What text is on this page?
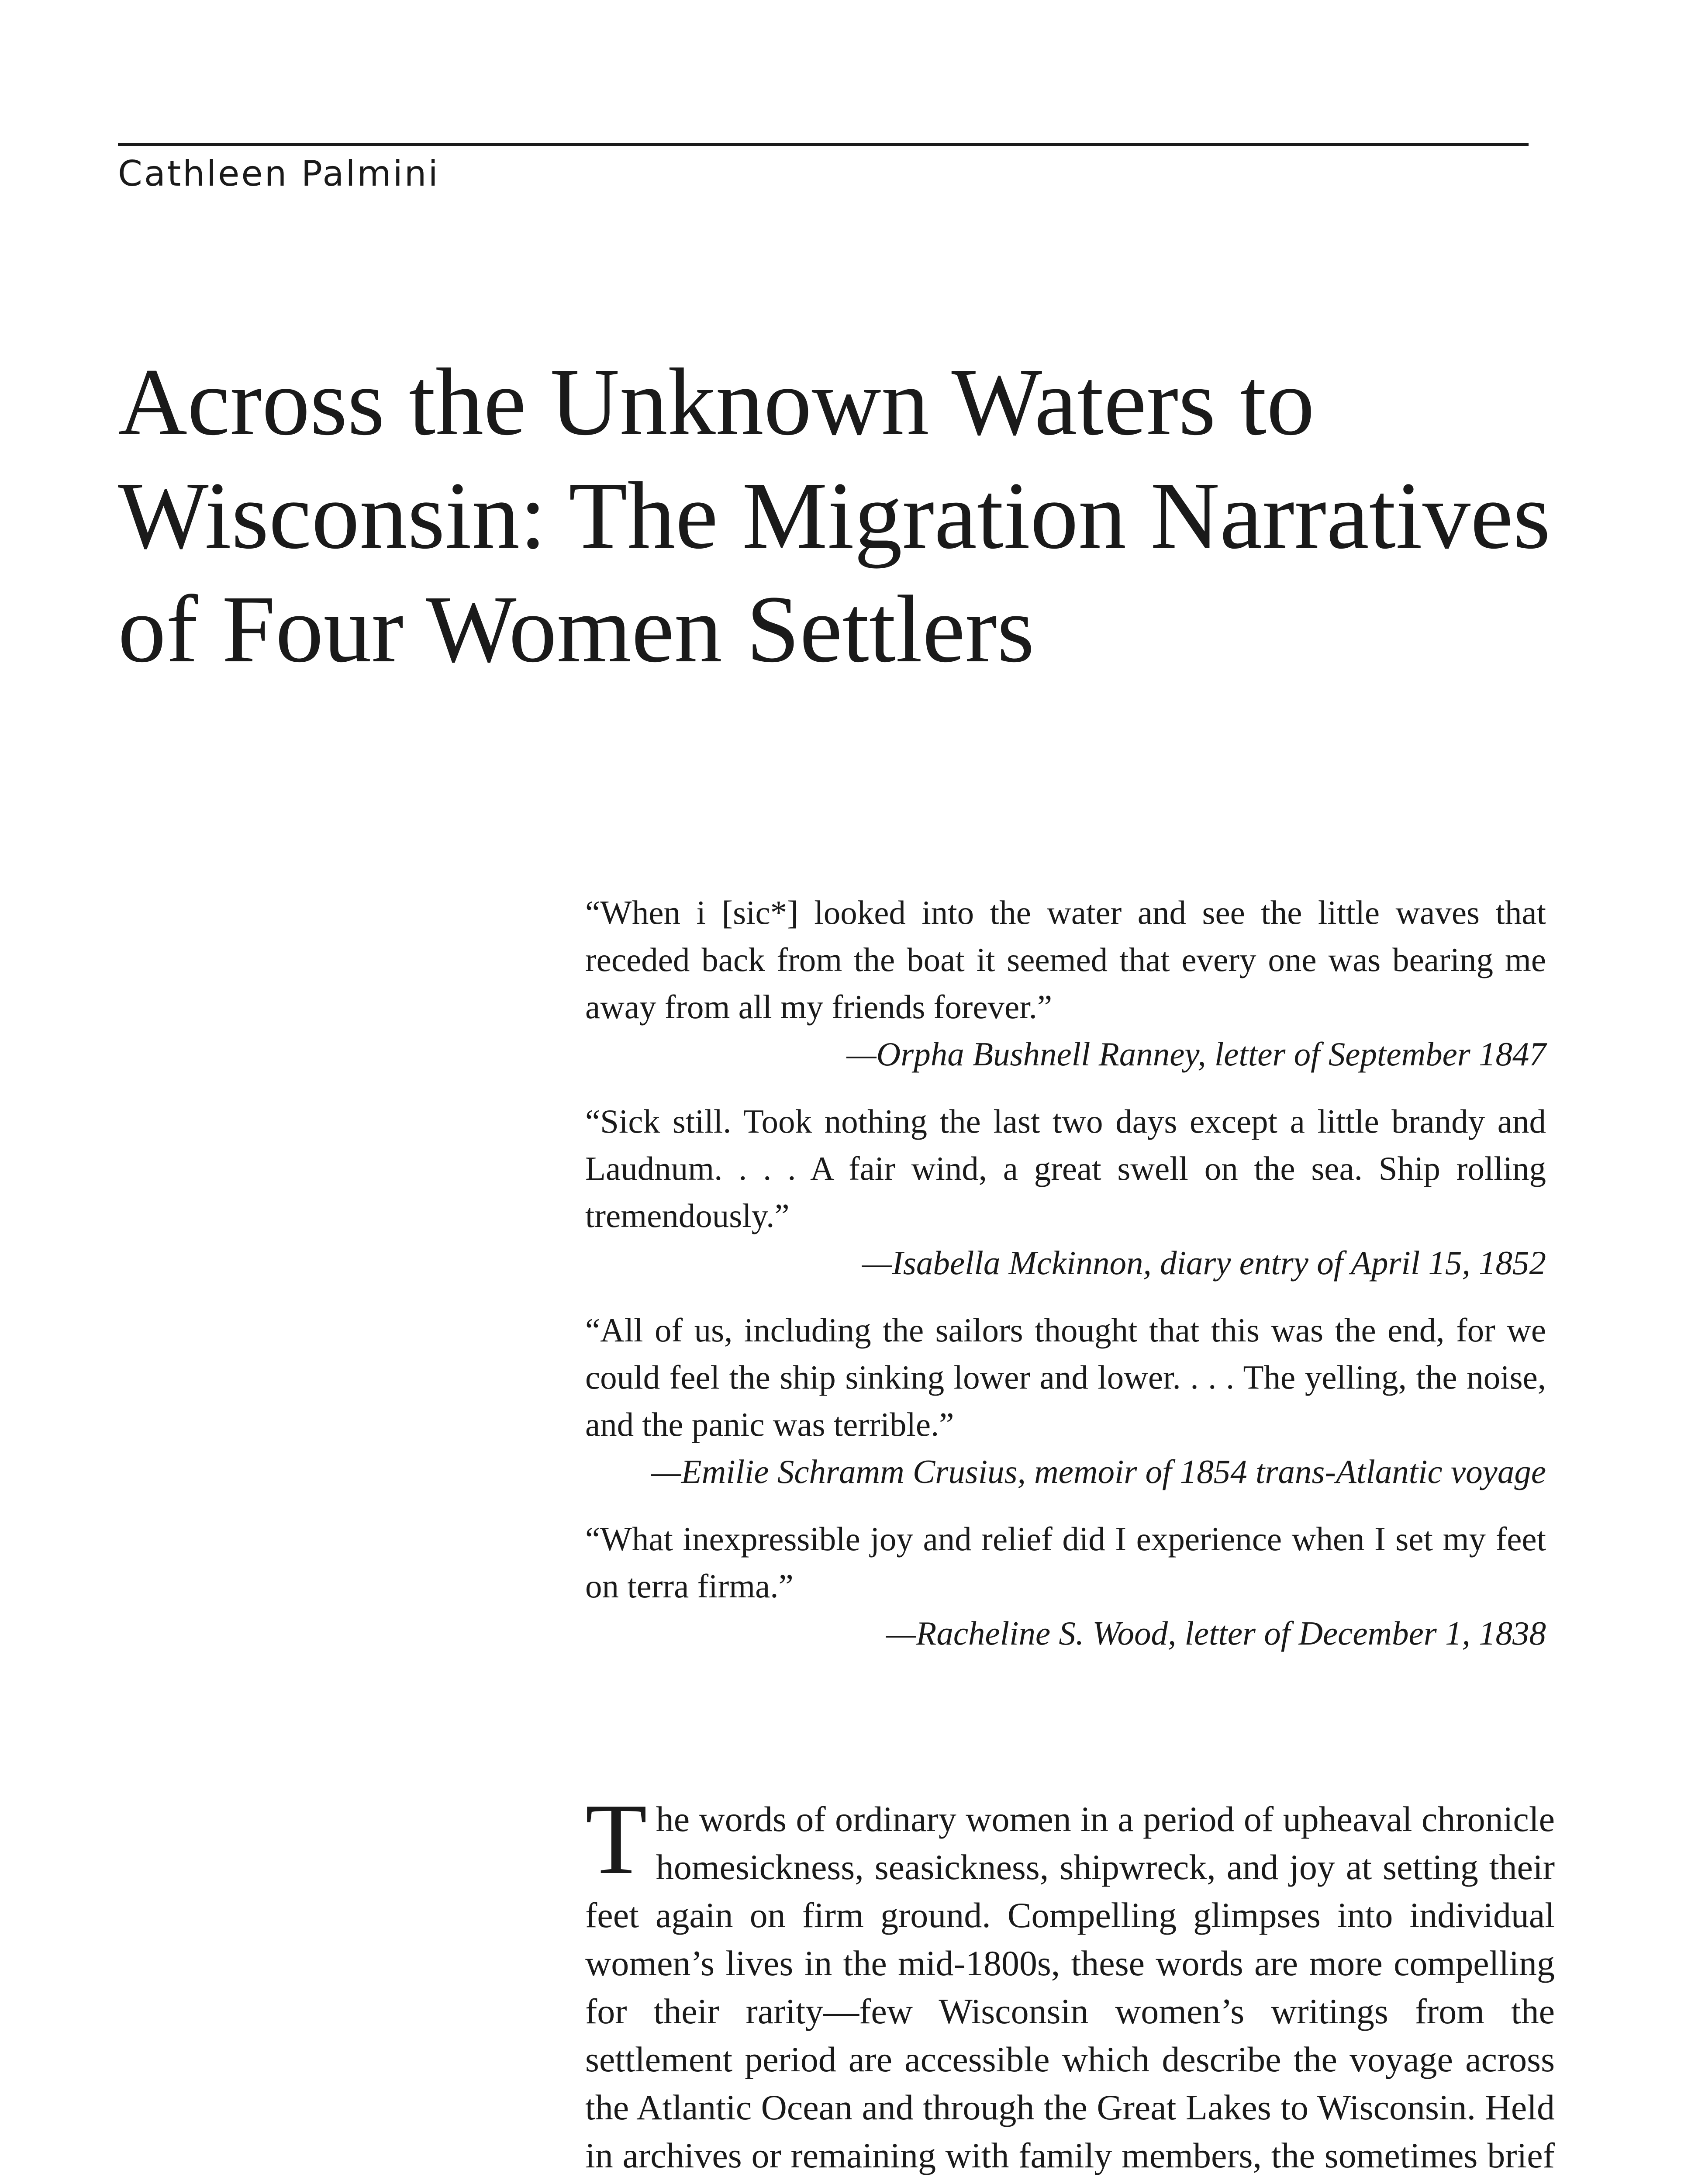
Cathleen Palmini
Across the Unknown Waters to
Wisconsin: The Migration Narratives
of Four Women Settlers

“When i [sic*] looked into the water and see the little waves that receded back from the boat it seemed that every one was bearing me away from all my friends forever.”

—Orpha Bushnell Ranney, letter of September 1847

“Sick still. Took nothing the last two days except a little brandy and Laudnum. . . . A fair wind, a great swell on the sea. Ship rolling tremendously.”

—Isabella Mckinnon, diary entry of April 15, 1852

“All of us, including the sailors thought that this was the end, for we could feel the ship sinking lower and lower. . . . The yelling, the noise, and the panic was terrible.”

—Emilie Schramm Crusius, memoir of 1854 trans-Atlantic voyage

“What inexpressible joy and relief did I experience when I set my feet on terra firma.”

—Racheline S. Wood, letter of December 1, 1838

The words of ordinary women in a period of upheaval chronicle homesickness, seasickness, shipwreck, and joy at setting their feet again on firm ground. Compelling glimpses into individual women’s lives in the mid-1800s, these words are more compelling for their rarity—few Wisconsin women’s writings from the settlement period are accessible which describe the voyage across the Atlantic Ocean and through the Great Lakes to Wisconsin. Held in archives or remaining with family members, the sometimes brief
